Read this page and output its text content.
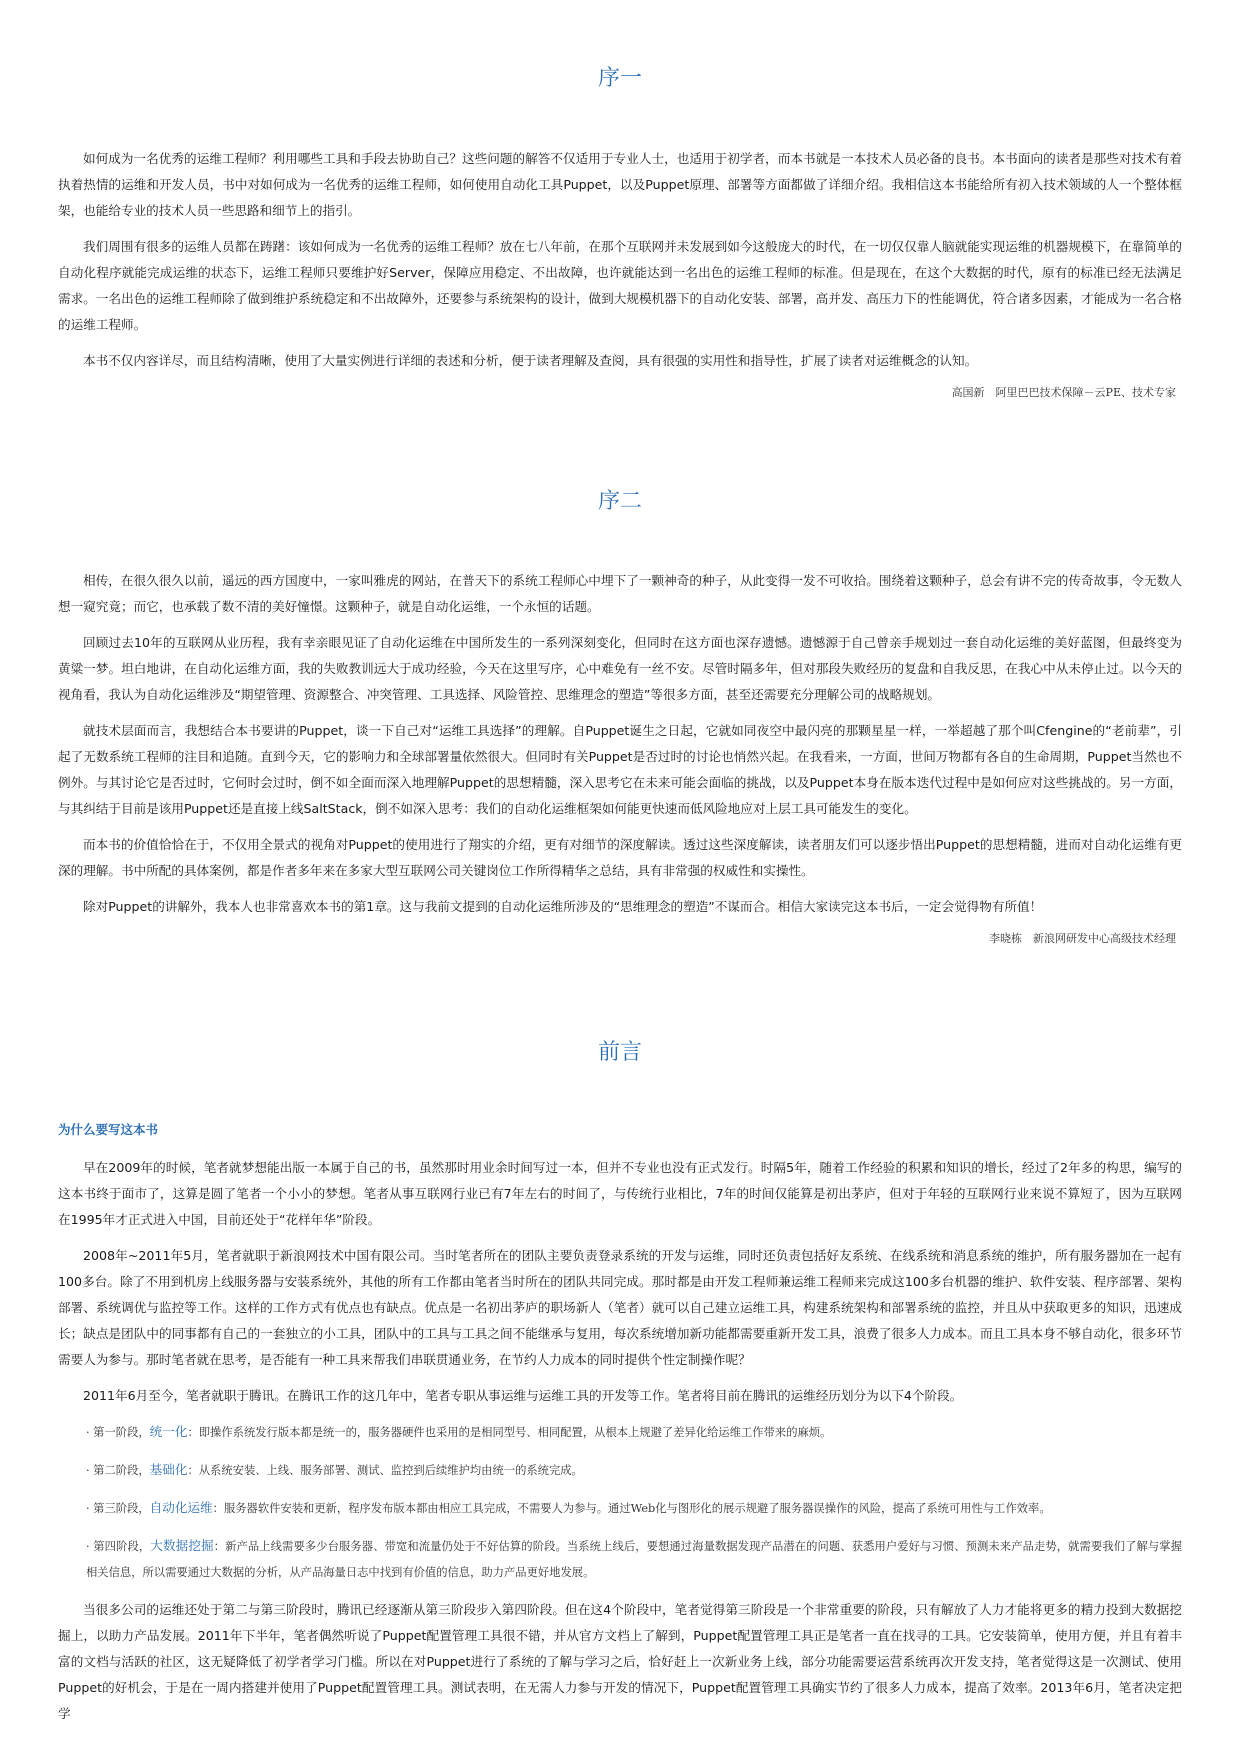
序一

如何成为一名优秀的运维工程师？利用哪些工具和手段去协助自己？这些问题的解答不仅适用于专业人士，也适用于初学者，而本书就是一本技术人员必备的良书。本书面向的读者是那些对技术有着执着热情的运维和开发人员，书中对如何成为一名优秀的运维工程师，如何使用自动化工具Puppet，以及Puppet原理、部署等方面都做了详细介绍。我相信这本书能给所有初入技术领域的人一个整体框架，也能给专业的技术人员一些思路和细节上的指引。

我们周围有很多的运维人员都在踌躇：该如何成为一名优秀的运维工程师？放在七八年前，在那个互联网并未发展到如今这般庞大的时代，在一切仅仅靠人脑就能实现运维的机器规模下，在靠简单的自动化程序就能完成运维的状态下，运维工程师只要维护好Server，保障应用稳定、不出故障，也许就能达到一名出色的运维工程师的标准。但是现在，在这个大数据的时代，原有的标准已经无法满足需求。一名出色的运维工程师除了做到维护系统稳定和不出故障外，还要参与系统架构的设计，做到大规模机器下的自动化安装、部署，高并发、高压力下的性能调优，符合诸多因素，才能成为一名合格的运维工程师。

本书不仅内容详尽，而且结构清晰，使用了大量实例进行详细的表述和分析，便于读者理解及查阅，具有很强的实用性和指导性，扩展了读者对运维概念的认知。

高国新　阿里巴巴技术保障－云PE、技术专家

序二

相传，在很久很久以前，遥远的西方国度中，一家叫雅虎的网站，在普天下的系统工程师心中埋下了一颗神奇的种子，从此变得一发不可收拾。围绕着这颗种子，总会有讲不完的传奇故事，令无数人想一窥究竟；而它，也承载了数不清的美好憧憬。这颗种子，就是自动化运维，一个永恒的话题。

回顾过去10年的互联网从业历程，我有幸亲眼见证了自动化运维在中国所发生的一系列深刻变化，但同时在这方面也深存遗憾。遗憾源于自己曾亲手规划过一套自动化运维的美好蓝图，但最终变为黄粱一梦。坦白地讲，在自动化运维方面，我的失败教训远大于成功经验，今天在这里写序，心中难免有一丝不安。尽管时隔多年，但对那段失败经历的复盘和自我反思，在我心中从未停止过。以今天的视角看，我认为自动化运维涉及“期望管理、资源整合、冲突管理、工具选择、风险管控、思维理念的塑造”等很多方面，甚至还需要充分理解公司的战略规划。

就技术层面而言，我想结合本书要讲的Puppet，谈一下自己对“运维工具选择”的理解。自Puppet诞生之日起，它就如同夜空中最闪亮的那颗星星一样，一举超越了那个叫Cfengine的“老前辈”，引起了无数系统工程师的注目和追随。直到今天，它的影响力和全球部署量依然很大。但同时有关Puppet是否过时的讨论也悄然兴起。在我看来，一方面，世间万物都有各自的生命周期，Puppet当然也不例外。与其讨论它是否过时，它何时会过时，倒不如全面而深入地理解Puppet的思想精髓，深入思考它在未来可能会面临的挑战，以及Puppet本身在版本迭代过程中是如何应对这些挑战的。另一方面，与其纠结于目前是该用Puppet还是直接上线SaltStack，倒不如深入思考：我们的自动化运维框架如何能更快速而低风险地应对上层工具可能发生的变化。

而本书的价值恰恰在于，不仅用全景式的视角对Puppet的使用进行了翔实的介绍，更有对细节的深度解读。透过这些深度解读，读者朋友们可以逐步悟出Puppet的思想精髓，进而对自动化运维有更深的理解。书中所配的具体案例，都是作者多年来在多家大型互联网公司关键岗位工作所得精华之总结，具有非常强的权威性和实操性。

除对Puppet的讲解外，我本人也非常喜欢本书的第1章。这与我前文提到的自动化运维所涉及的“思维理念的塑造”不谋而合。相信大家读完这本书后，一定会觉得物有所值！

李晓栋　新浪网研发中心高级技术经理

前言
为什么要写这本书

早在2009年的时候，笔者就梦想能出版一本属于自己的书，虽然那时用业余时间写过一本，但并不专业也没有正式发行。时隔5年，随着工作经验的积累和知识的增长，经过了2年多的构思，编写的这本书终于面市了，这算是圆了笔者一个小小的梦想。笔者从事互联网行业已有7年左右的时间了，与传统行业相比，7年的时间仅能算是初出茅庐，但对于年轻的互联网行业来说不算短了，因为互联网在1995年才正式进入中国，目前还处于“花样年华”阶段。

2008年~2011年5月，笔者就职于新浪网技术中国有限公司。当时笔者所在的团队主要负责登录系统的开发与运维，同时还负责包括好友系统、在线系统和消息系统的维护，所有服务器加在一起有100多台。除了不用到机房上线服务器与安装系统外，其他的所有工作都由笔者当时所在的团队共同完成。那时都是由开发工程师兼运维工程师来完成这100多台机器的维护、软件安装、程序部署、架构部署、系统调优与监控等工作。这样的工作方式有优点也有缺点。优点是一名初出茅庐的职场新人（笔者）就可以自己建立运维工具，构建系统架构和部署系统的监控，并且从中获取更多的知识，迅速成长；缺点是团队中的同事都有自己的一套独立的小工具，团队中的工具与工具之间不能继承与复用，每次系统增加新功能都需要重新开发工具，浪费了很多人力成本。而且工具本身不够自动化，很多环节需要人为参与。那时笔者就在思考，是否能有一种工具来帮我们串联贯通业务，在节约人力成本的同时提供个性定制操作呢？

2011年6月至今，笔者就职于腾讯。在腾讯工作的这几年中，笔者专职从事运维与运维工具的开发等工作。笔者将目前在腾讯的运维经历划分为以下4个阶段。

· 第一阶段，统一化：即操作系统发行版本都是统一的，服务器硬件也采用的是相同型号、相同配置，从根本上规避了差异化给运维工作带来的麻烦。

· 第二阶段，基础化：从系统安装、上线、服务部署、测试、监控到后续维护均由统一的系统完成。

· 第三阶段，自动化运维：服务器软件安装和更新，程序发布版本都由相应工具完成，不需要人为参与。通过Web化与图形化的展示规避了服务器误操作的风险，提高了系统可用性与工作效率。

· 第四阶段，大数据挖掘：新产品上线需要多少台服务器、带宽和流量仍处于不好估算的阶段。当系统上线后，要想通过海量数据发现产品潜在的问题、获悉用户爱好与习惯、预测未来产品走势，就需要我们了解与掌握相关信息，所以需要通过大数据的分析，从产品海量日志中找到有价值的信息，助力产品更好地发展。

当很多公司的运维还处于第二与第三阶段时，腾讯已经逐渐从第三阶段步入第四阶段。但在这4个阶段中，笔者觉得第三阶段是一个非常重要的阶段，只有解放了人力才能将更多的精力投到大数据挖掘上，以助力产品发展。2011年下半年，笔者偶然听说了Puppet配置管理工具很不错，并从官方文档上了解到，Puppet配置管理工具正是笔者一直在找寻的工具。它安装简单，使用方便，并且有着丰富的文档与活跃的社区，这无疑降低了初学者学习门槛。所以在对Puppet进行了系统的了解与学习之后，恰好赶上一次新业务上线，部分功能需要运营系统再次开发支持，笔者觉得这是一次测试、使用Puppet的好机会，于是在一周内搭建并使用了Puppet配置管理工具。测试表明，在无需人力参与开发的情况下，Puppet配置管理工具确实节约了很多人力成本，提高了效率。2013年6月，笔者决定把学
